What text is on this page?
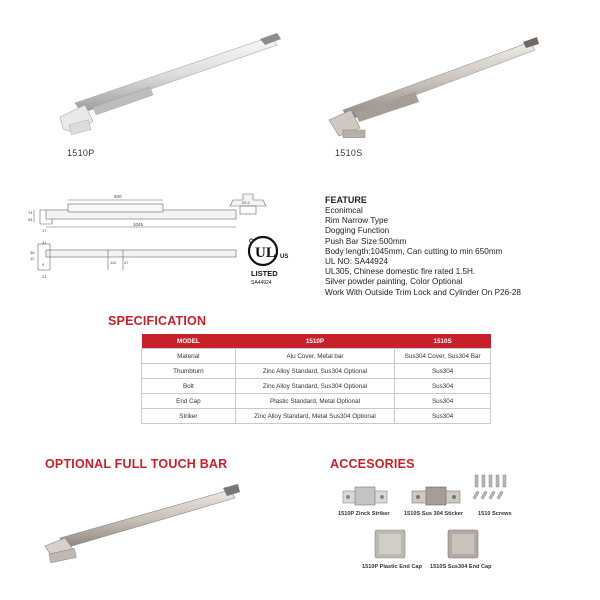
1510P	1510S
500
1045
74
54
17
41
36
12
9
21
110 47
25.2
UL
C
US
LISTED
SA44924
FEATURE
Econimcal
Rim Narrow Type
Dogging Function
Push Bar Size:500mm
Body length:1045mm, Can cutting to min 650mm
UL NO: SA44924
UL305, Chinese domestic fire rated 1.5H.
Silver powder painting, Color Optional
Work With Outside Trim Lock and Cylinder On P26-28
SPECIFICATION
MODEL	1510P	1510S
Material	Alu Cover, Metal bar	Sus304 Cover, Sus304 Bar
Thumbturn	Zinc Alloy Standard, Sus304 Optional	Sus304
Bolt	Zinc Alloy Standard, Sus304 Optional	Sus304
End Cap	Plastic Standard, Metal Optional	Sus304
Striker	Zinc Alloy Standard, Metal Sus304 Optional	Sus304
OPTIONAL FULL TOUCH BAR	ACCESORIES
1510P Zinck Striker	1510S Sus 304 Sticker	1510 Screws
1510P Plastic End Cap 1510S Sus304 End Cap
